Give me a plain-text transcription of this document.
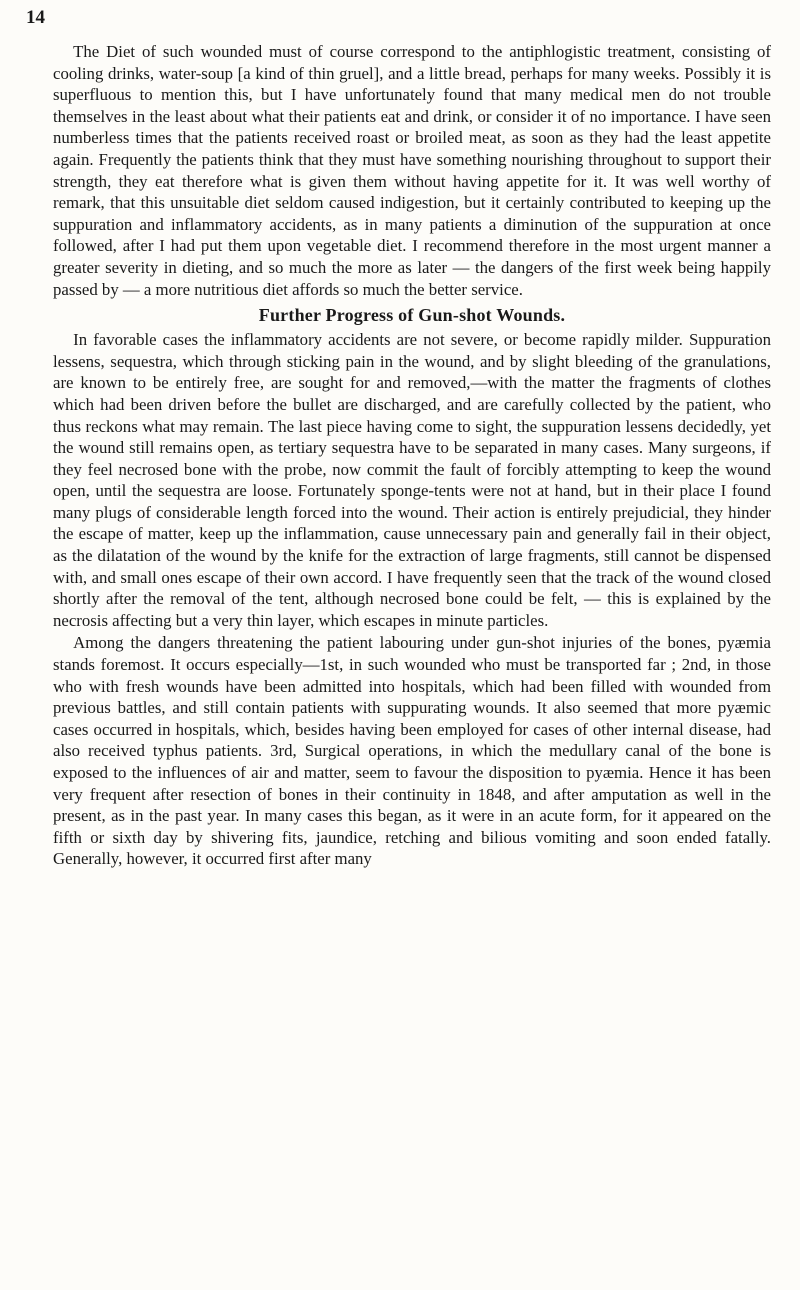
14

The Diet of such wounded must of course correspond to the antiphlogistic treatment, consisting of cooling drinks, water-soup [a kind of thin gruel], and a little bread, perhaps for many weeks. Possibly it is superfluous to mention this, but I have unfortunately found that many medical men do not trouble themselves in the least about what their patients eat and drink, or consider it of no importance. I have seen numberless times that the patients received roast or broiled meat, as soon as they had the least appetite again. Frequently the patients think that they must have something nourishing throughout to support their strength, they eat therefore what is given them without having appetite for it. It was well worthy of remark, that this unsuitable diet seldom caused indigestion, but it certainly contributed to keeping up the suppuration and inflammatory accidents, as in many patients a diminution of the suppuration at once followed, after I had put them upon vegetable diet. I recommend therefore in the most urgent manner a greater severity in dieting, and so much the more as later — the dangers of the first week being happily passed by — a more nutritious diet affords so much the better service.

Further Progress of Gun-shot Wounds.

In favorable cases the inflammatory accidents are not severe, or become rapidly milder. Suppuration lessens, sequestra, which through sticking pain in the wound, and by slight bleeding of the granulations, are known to be entirely free, are sought for and removed,—with the matter the fragments of clothes which had been driven before the bullet are discharged, and are carefully collected by the patient, who thus reckons what may remain. The last piece having come to sight, the suppuration lessens decidedly, yet the wound still remains open, as tertiary sequestra have to be separated in many cases. Many surgeons, if they feel necrosed bone with the probe, now commit the fault of forcibly attempting to keep the wound open, until the sequestra are loose. Fortunately sponge-tents were not at hand, but in their place I found many plugs of considerable length forced into the wound. Their action is entirely prejudicial, they hinder the escape of matter, keep up the inflammation, cause unnecessary pain and generally fail in their object, as the dilatation of the wound by the knife for the extraction of large fragments, still cannot be dispensed with, and small ones escape of their own accord. I have frequently seen that the track of the wound closed shortly after the removal of the tent, although necrosed bone could be felt, — this is explained by the necrosis affecting but a very thin layer, which escapes in minute particles.

Among the dangers threatening the patient labouring under gun-shot injuries of the bones, pyæmia stands foremost. It occurs especially—1st, in such wounded who must be transported far ; 2nd, in those who with fresh wounds have been admitted into hospitals, which had been filled with wounded from previous battles, and still contain patients with suppurating wounds. It also seemed that more pyæmic cases occurred in hospitals, which, besides having been employed for cases of other internal disease, had also received typhus patients. 3rd, Surgical operations, in which the medullary canal of the bone is exposed to the influences of air and matter, seem to favour the disposition to pyæmia. Hence it has been very frequent after resection of bones in their continuity in 1848, and after amputation as well in the present, as in the past year. In many cases this began, as it were in an acute form, for it appeared on the fifth or sixth day by shivering fits, jaundice, retching and bilious vomiting and soon ended fatally. Generally, however, it occurred first after many
